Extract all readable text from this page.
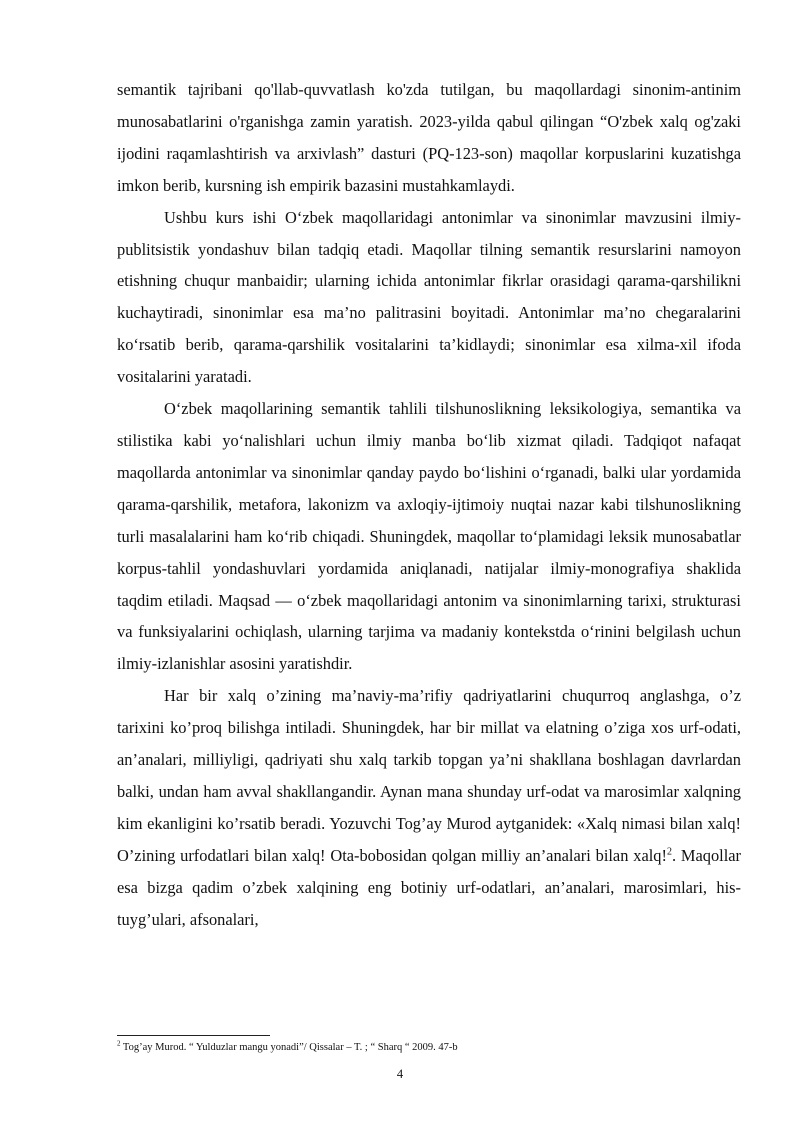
semantik tajribani qo'llab-quvvatlash ko'zda tutilgan, bu maqollardagi sinonim-antinim munosabatlarini o'rganishga zamin yaratish. 2023-yilda qabul qilingan “O'zbek xalq og'zaki ijodini raqamlashtirish va arxivlash” dasturi (PQ-123-son) maqollar korpuslarini kuzatishga imkon berib, kursning ish empirik bazasini mustahkamlaydi.

Ushbu kurs ishi O‘zbek maqollaridagi antonimlar va sinonimlar mavzusini ilmiy-publitsistik yondashuv bilan tadqiq etadi. Maqollar tilning semantik resurslarini namoyon etishning chuqur manbaidir; ularning ichida antonimlar fikrlar orasidagi qarama-qarshilikni kuchaytiradi, sinonimlar esa ma’no palitrasini boyitadi. Antonimlar ma’no chegaralarini ko‘rsatib berib, qarama-qarshilik vositalarini ta’kidlaydi; sinonimlar esa xilma-xil ifoda vositalarini yaratadi.

O‘zbek maqollarining semantik tahlili tilshunoslikning leksikologiya, semantika va stilistika kabi yo‘nalishlari uchun ilmiy manba bo‘lib xizmat qiladi. Tadqiqot nafaqat maqollarda antonimlar va sinonimlar qanday paydo bo‘lishini o‘rganadi, balki ular yordamida qarama-qarshilik, metafora, lakonizm va axloqiy-ijtimoiy nuqtai nazar kabi tilshunoslikning turli masalalarini ham ko‘rib chiqadi. Shuningdek, maqollar to‘plamidagi leksik munosabatlar korpus-tahlil yondashuvlari yordamida aniqlanadi, natijalar ilmiy-monografiya shaklida taqdim etiladi. Maqsad — o‘zbek maqollaridagi antonim va sinonimlarning tarixi, strukturasi va funksiyalarini ochiqlash, ularning tarjima va madaniy kontekstda o‘rinini belgilash uchun ilmiy-izlanishlar asosini yaratishdir.

Har bir xalq o’zining ma’naviy-ma’rifiy qadriyatlarini chuqurroq anglashga, o’z tarixini ko’proq bilishga intiladi. Shuningdek, har bir millat va elatning o’ziga xos urf-odati, an’analari, milliyligi, qadriyati shu xalq tarkib topgan ya’ni shakllana boshlagan davrlardan balki, undan ham avval shakllangandir. Aynan mana shunday urf-odat va marosimlar xalqning kim ekanligini ko’rsatib beradi. Yozuvchi Tog’ay Murod aytganidek: «Xalq nimasi bilan xalq! O’zining urfodatlari bilan xalq! Ota-bobosidan qolgan milliy an’analari bilan xalq!$^2$. Maqollar esa bizga qadim o’zbek xalqining eng botiniy urf-odatlari, an’analari, marosimlari, his-tuyg’ulari, afsonalari,

$^2$ Tog’ay Murod. “ Yulduzlar mangu yonadi”/ Qissalar – T. ; “ Sharq “ 2009. 47-b
4
